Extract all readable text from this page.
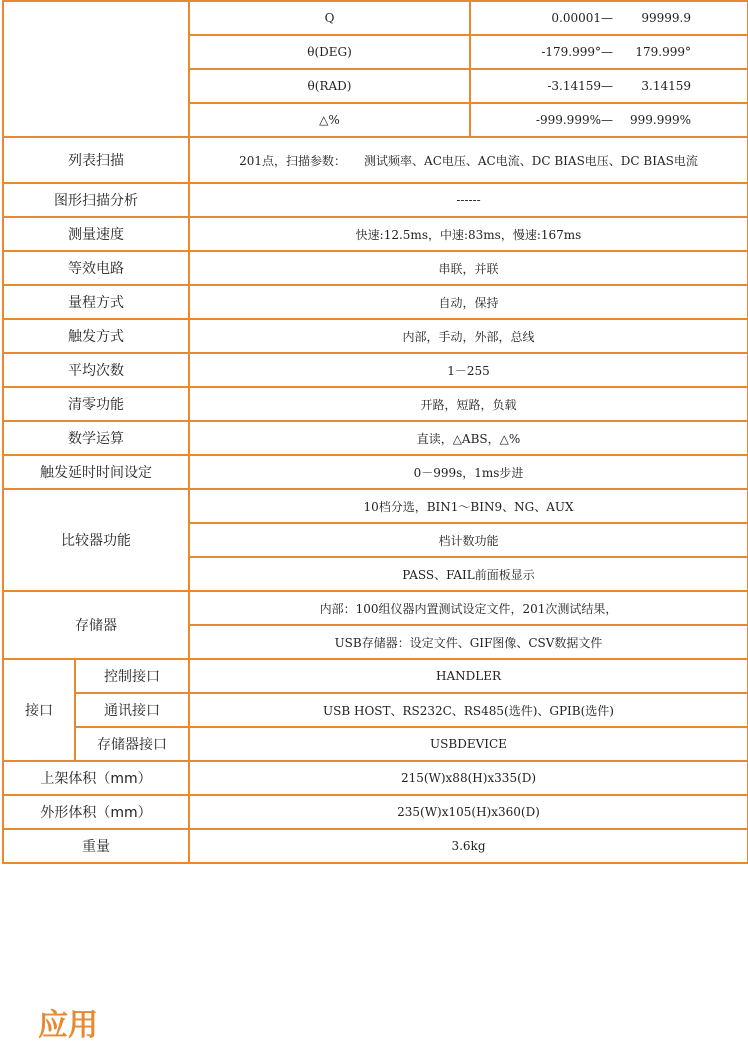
		Q	0.00001— 99999.9

		θ(DEG)	-179.999°— 179.999°

		θ(RAD)	-3.14159— 3.14159

		△%	-999.999%— 999.999%

列表扫描		201点，扫描参数：　　测试频率、AC电压、AC电流、DC BIAS电压、DC BIAS电流	
图形扫描分析		------	
测量速度		快速:12.5ms，中速:83ms，慢速:167ms	
等效电路		串联，并联	
量程方式		自动，保持	
触发方式		内部，手动，外部，总线	
平均次数		1－255	
清零功能		开路，短路，负载	
数学运算		直读，△ABS，△%	
触发延时时间设定		0－999s，1ms步进	
比较器功能		10档分选，BIN1～BIN9、NG、AUX	
		档计数功能	
		PASS、FAIL前面板显示	
存储器		内部：100组仪器内置测试设定文件，201次测试结果，	
		USB存储器：设定文件、GIF图像、CSV数据文件	
接口	控制接口	HANDLER	
	通讯接口	USB HOST、RS232C、RS485(选件)、GPIB(选件)	
	存储器接口	USBDEVICE	
上架体积（mm）		215(W)x88(H)x335(D)	
外形体积（mm）		235(W)x105(H)x360(D)	
重量		3.6kg	
应用
